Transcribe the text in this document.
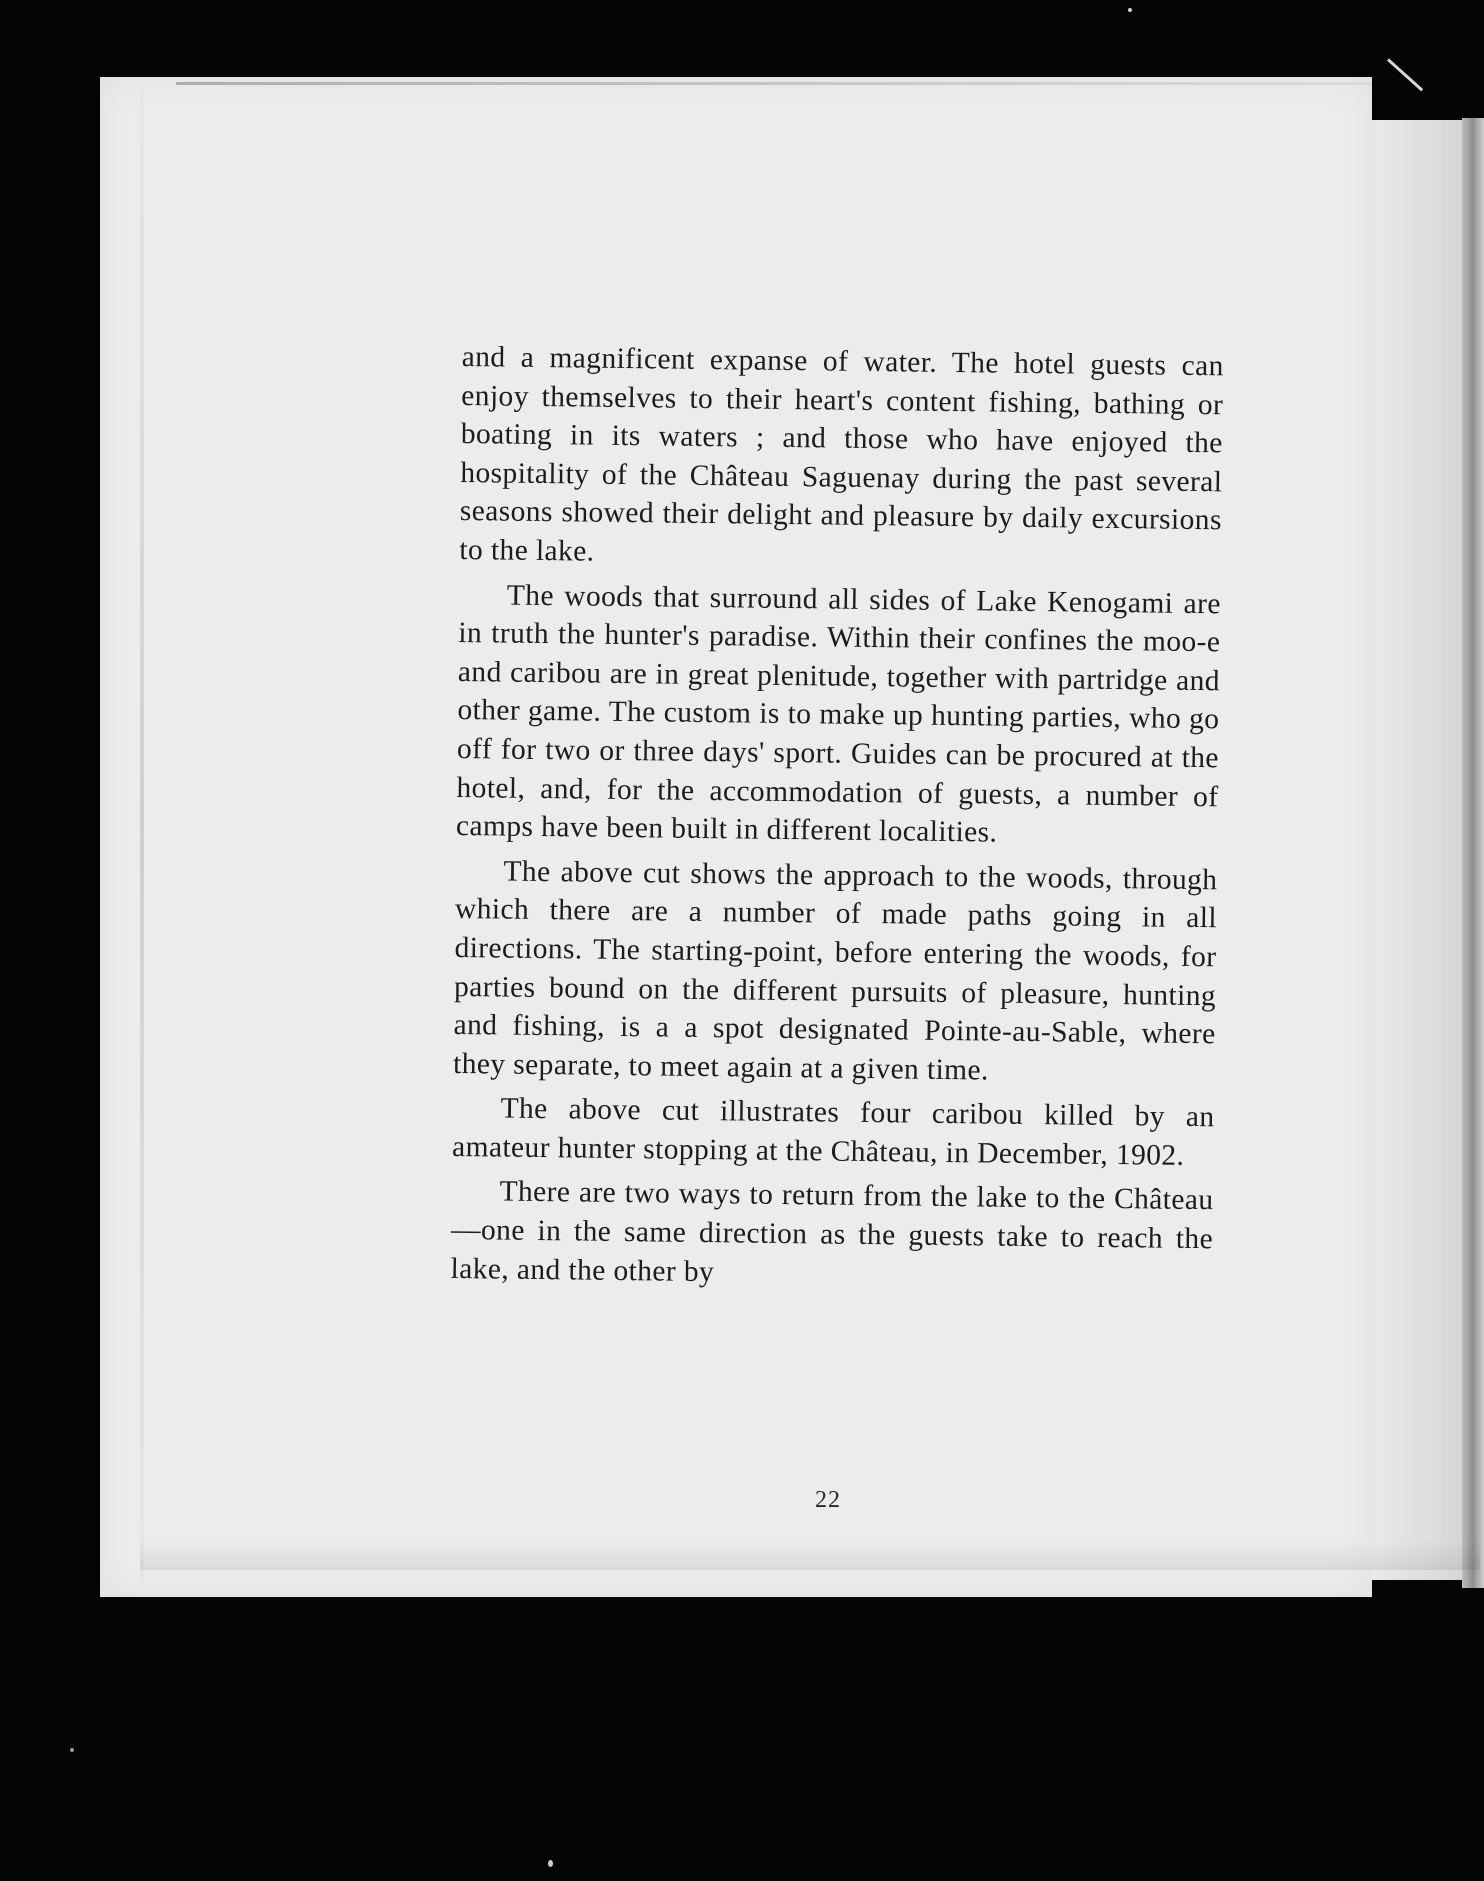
and a magnificent expanse of water. The hotel guests can enjoy themselves to their heart's content fishing, bathing or boating in its waters ; and those who have enjoyed the hospitality of the Château Saguenay during the past several seasons showed their delight and pleasure by daily excursions to the lake.

The woods that surround all sides of Lake Kenogami are in truth the hunter's paradise. Within their confines the moo-e and caribou are in great plenitude, together with partridge and other game. The custom is to make up hunting parties, who go off for two or three days' sport. Guides can be procured at the hotel, and, for the accommodation of guests, a number of camps have been built in different localities.

The above cut shows the approach to the woods, through which there are a number of made paths going in all directions. The starting-point, before entering the woods, for parties bound on the different pursuits of pleasure, hunting and fishing, is a a spot designated Pointe-au-Sable, where they separate, to meet again at a given time.

The above cut illustrates four caribou killed by an amateur hunter stopping at the Château, in December, 1902.

There are two ways to return from the lake to the Château—one in the same direction as the guests take to reach the lake, and the other by

22
